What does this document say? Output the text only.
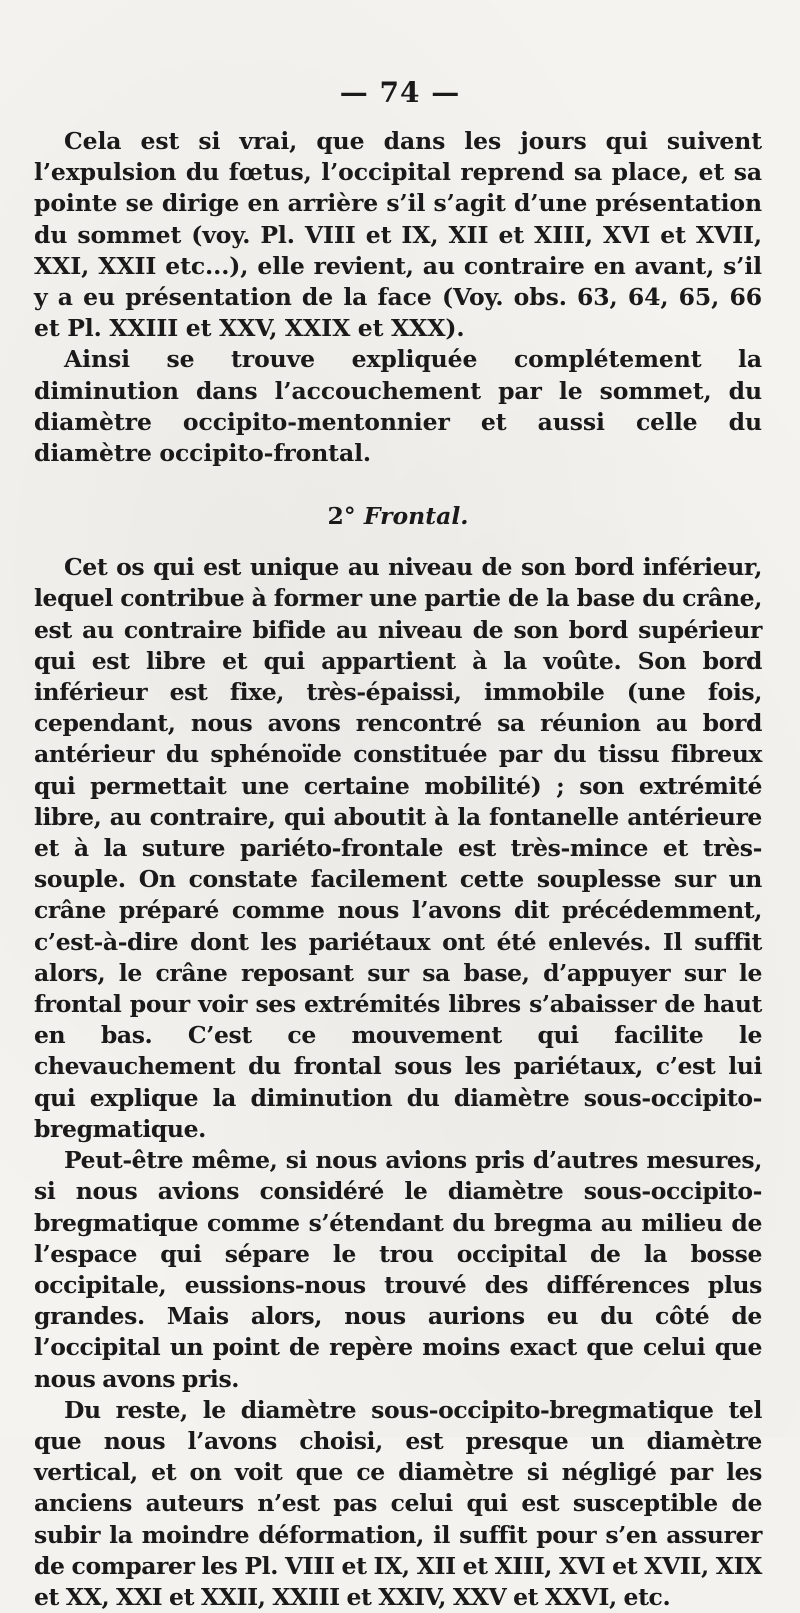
— 74 —

Cela est si vrai, que dans les jours qui suivent l’expulsion du fœtus, l’occipital reprend sa place, et sa pointe se dirige en arrière s’il s’agit d’une présentation du sommet (voy. Pl. VIII et IX, XII et XIII, XVI et XVII, XXI, XXII etc...), elle revient, au contraire en avant, s’il y a eu présentation de la face (Voy. obs. 63, 64, 65, 66 et Pl. XXIII et XXV, XXIX et XXX).

Ainsi se trouve expliquée complétement la diminution dans l’accouchement par le sommet, du diamètre occipito-mentonnier et aussi celle du diamètre occipito-frontal.

2° Frontal.

Cet os qui est unique au niveau de son bord inférieur, lequel contribue à former une partie de la base du crâne, est au contraire bifide au niveau de son bord supérieur qui est libre et qui appartient à la voûte. Son bord inférieur est fixe, très-épaissi, immobile (une fois, cependant, nous avons rencontré sa réunion au bord antérieur du sphénoïde constituée par du tissu fibreux qui permettait une certaine mobilité) ; son extrémité libre, au contraire, qui aboutit à la fontanelle antérieure et à la suture pariéto-frontale est très-mince et très-souple. On constate facilement cette souplesse sur un crâne préparé comme nous l’avons dit précédemment, c’est-à-dire dont les pariétaux ont été enlevés. Il suffit alors, le crâne reposant sur sa base, d’appuyer sur le frontal pour voir ses extrémités libres s’abaisser de haut en bas. C’est ce mouvement qui facilite le chevauchement du frontal sous les pariétaux, c’est lui qui explique la diminution du diamètre sous-occipito-bregmatique.

Peut-être même, si nous avions pris d’autres mesures, si nous avions considéré le diamètre sous-occipito-bregmatique comme s’étendant du bregma au milieu de l’espace qui sépare le trou occipital de la bosse occipitale, eussions-nous trouvé des différences plus grandes. Mais alors, nous aurions eu du côté de l’occipital un point de repère moins exact que celui que nous avons pris.

Du reste, le diamètre sous-occipito-bregmatique tel que nous l’avons choisi, est presque un diamètre vertical, et on voit que ce diamètre si négligé par les anciens auteurs n’est pas celui qui est susceptible de subir la moindre déformation, il suffit pour s’en assurer de comparer les Pl. VIII et IX, XII et XIII, XVI et XVII, XIX et XX, XXI et XXII, XXIII et XXIV, XXV et XXVI, etc.
